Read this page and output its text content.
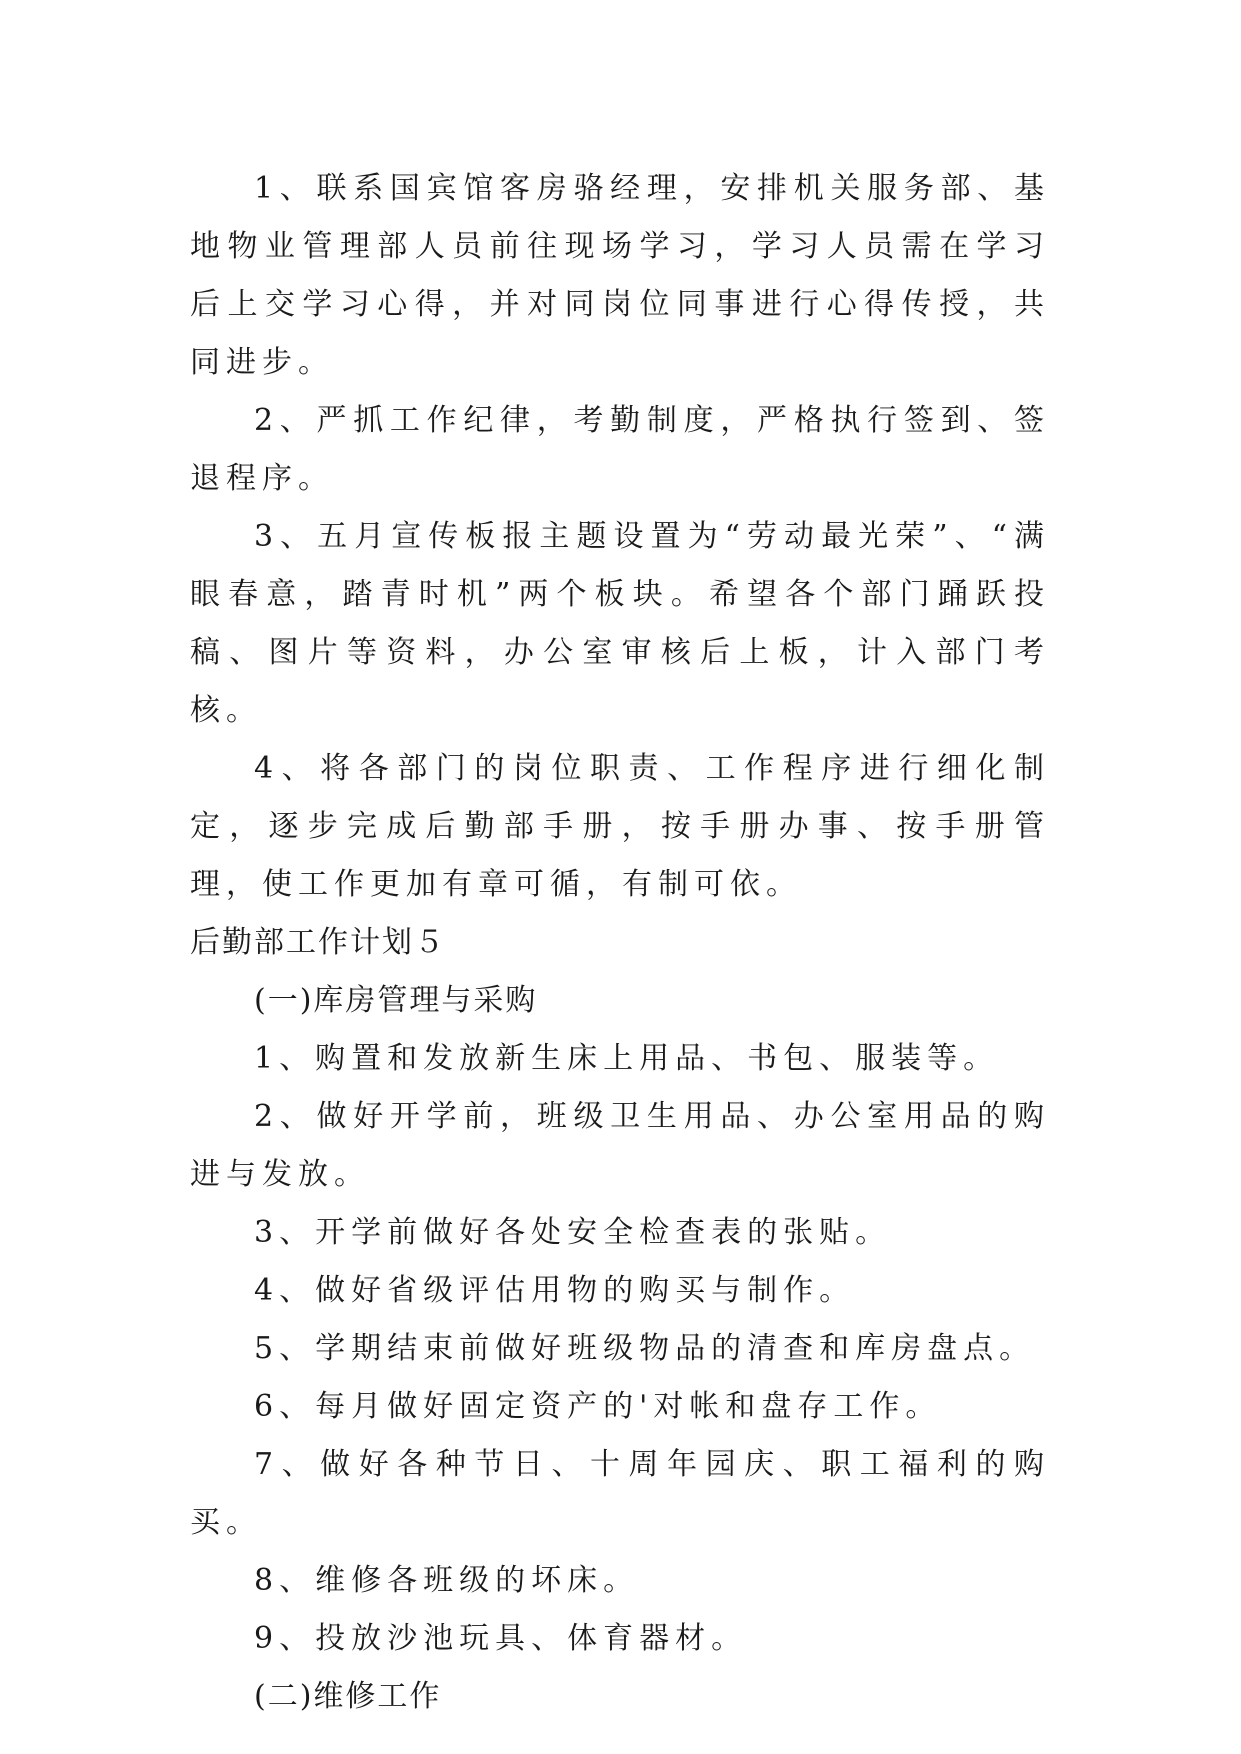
1、联系国宾馆客房骆经理，安排机关服务部、基地物业管理部人员前往现场学习，学习人员需在学习后上交学习心得，并对同岗位同事进行心得传授，共同进步。

2、严抓工作纪律，考勤制度，严格执行签到、签退程序。

3、五月宣传板报主题设置为“劳动最光荣”、“满眼春意，踏青时机”两个板块。希望各个部门踊跃投稿、图片等资料，办公室审核后上板，计入部门考核。

4、将各部门的岗位职责、工作程序进行细化制定，逐步完成后勤部手册，按手册办事、按手册管理，使工作更加有章可循，有制可依。

后勤部工作计划５

(一)库房管理与采购

1、购置和发放新生床上用品、书包、服装等。

2、做好开学前，班级卫生用品、办公室用品的购进与发放。

3、开学前做好各处安全检查表的张贴。

4、做好省级评估用物的购买与制作。

5、学期结束前做好班级物品的清查和库房盘点。

6、每月做好固定资产的'对帐和盘存工作。

7、做好各种节日、十周年园庆、职工福利的购买。

8、维修各班级的坏床。

9、投放沙池玩具、体育器材。

(二)维修工作
